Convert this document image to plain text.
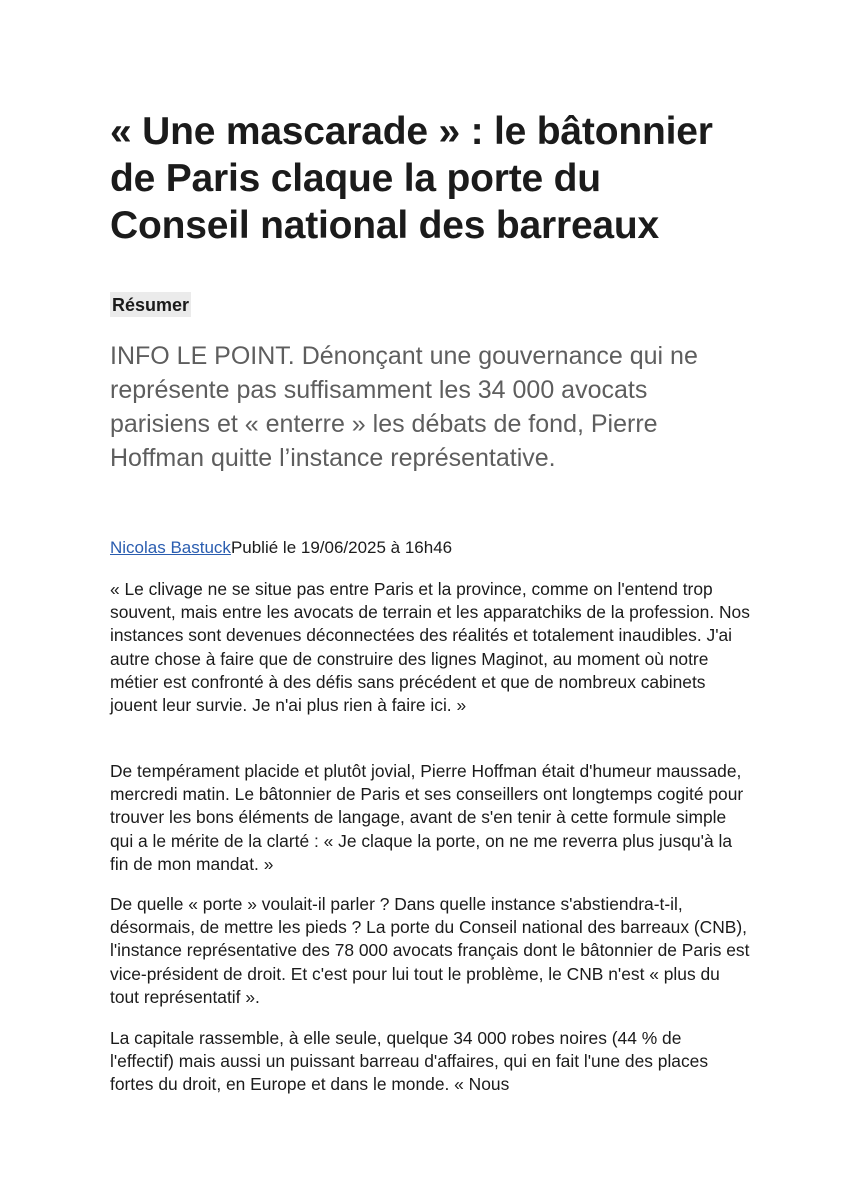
« Une mascarade » : le bâtonnier de Paris claque la porte du Conseil national des barreaux
Résumer

INFO LE POINT. Dénonçant une gouvernance qui ne représente pas suffisamment les 34 000 avocats parisiens et « enterre » les débats de fond, Pierre Hoffman quitte l’instance représentative.

Nicolas BastuckPublié le 19/06/2025 à 16h46

« Le clivage ne se situe pas entre Paris et la province, comme on l'entend trop souvent, mais entre les avocats de terrain et les apparatchiks de la profession. Nos instances sont devenues déconnectées des réalités et totalement inaudibles. J'ai autre chose à faire que de construire des lignes Maginot, au moment où notre métier est confronté à des défis sans précédent et que de nombreux cabinets jouent leur survie. Je n'ai plus rien à faire ici. »

De tempérament placide et plutôt jovial, Pierre Hoffman était d'humeur maussade, mercredi matin. Le bâtonnier de Paris et ses conseillers ont longtemps cogité pour trouver les bons éléments de langage, avant de s'en tenir à cette formule simple qui a le mérite de la clarté : « Je claque la porte, on ne me reverra plus jusqu'à la fin de mon mandat. »

De quelle « porte » voulait-il parler ? Dans quelle instance s'abstiendra-t-il, désormais, de mettre les pieds ? La porte du Conseil national des barreaux (CNB), l'instance représentative des 78 000 avocats français dont le bâtonnier de Paris est vice-président de droit. Et c'est pour lui tout le problème, le CNB n'est « plus du tout représentatif ».

La capitale rassemble, à elle seule, quelque 34 000 robes noires (44 % de l'effectif) mais aussi un puissant barreau d'affaires, qui en fait l'une des places fortes du droit, en Europe et dans le monde. « Nous
